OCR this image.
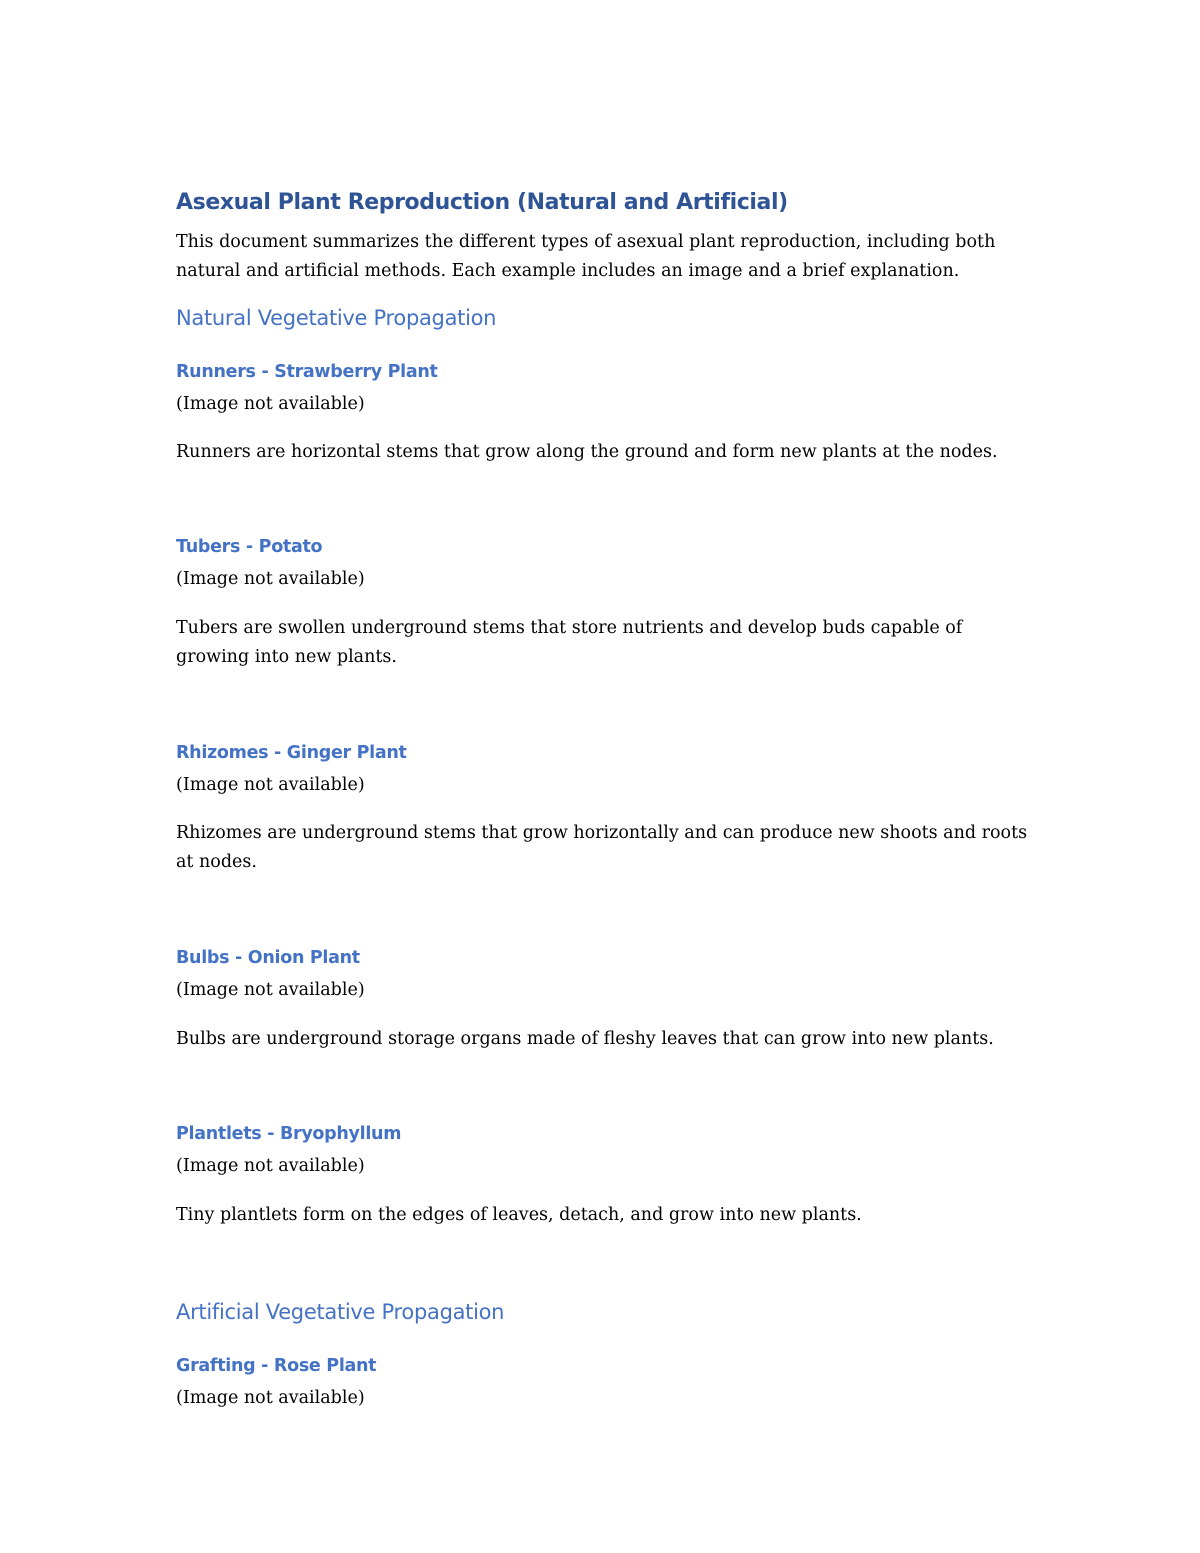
Asexual Plant Reproduction (Natural and Artificial)

This document summarizes the different types of asexual plant reproduction, including both natural and artificial methods. Each example includes an image and a brief explanation.

Natural Vegetative Propagation
Runners - Strawberry Plant

(Image not available)

Runners are horizontal stems that grow along the ground and form new plants at the nodes.

Tubers - Potato

(Image not available)

Tubers are swollen underground stems that store nutrients and develop buds capable of growing into new plants.

Rhizomes - Ginger Plant

(Image not available)

Rhizomes are underground stems that grow horizontally and can produce new shoots and roots at nodes.

Bulbs - Onion Plant

(Image not available)

Bulbs are underground storage organs made of fleshy leaves that can grow into new plants.

Plantlets - Bryophyllum

(Image not available)

Tiny plantlets form on the edges of leaves, detach, and grow into new plants.

Artificial Vegetative Propagation
Grafting - Rose Plant

(Image not available)
